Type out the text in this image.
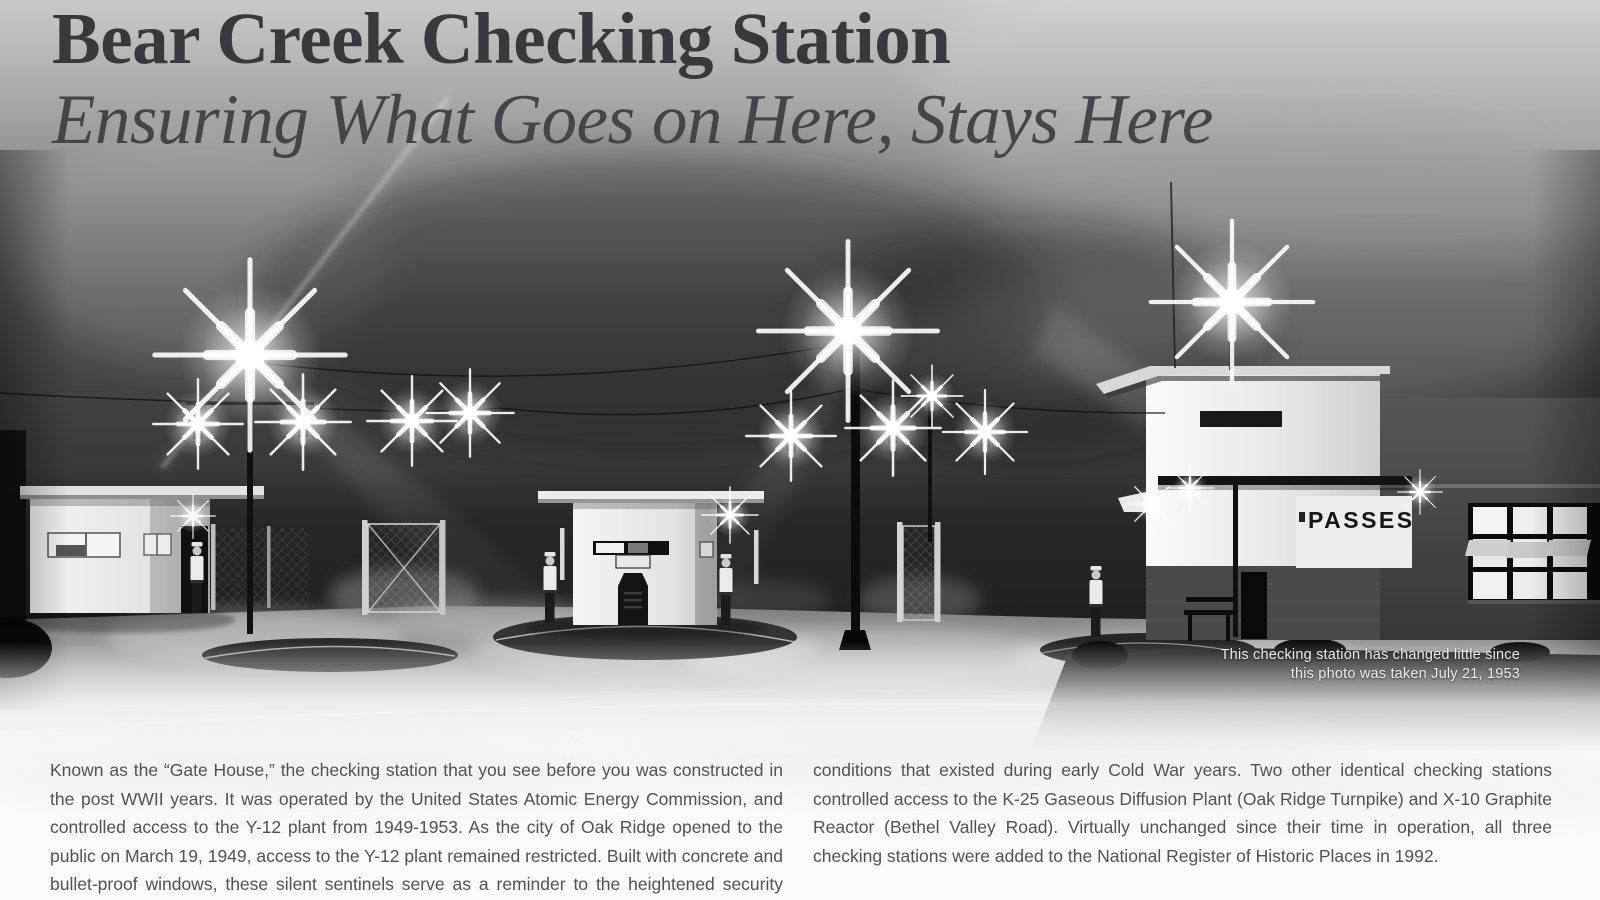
PASSES
Bear Creek Checking Station
Ensuring What Goes on Here, Stays Here
This checking station has changed little since
this photo was taken July 21, 1953

Known as the “Gate House,” the checking station that you see before you was constructed in the post WWII years. It was operated by the United States Atomic Energy Commission, and controlled access to the Y-12 plant from 1949-1953. As the city of Oak Ridge opened to the public on March 19, 1949, access to the Y-12 plant remained restricted. Built with concrete and bullet-proof windows, these silent sentinels serve as a reminder to the heightened security

conditions that existed during early Cold War years. Two other identical checking stations controlled access to the K-25 Gaseous Diffusion Plant (Oak Ridge Turnpike) and X-10 Graphite Reactor (Bethel Valley Road). Virtually unchanged since their time in operation, all three checking stations were added to the National Register of Historic Places in 1992.
